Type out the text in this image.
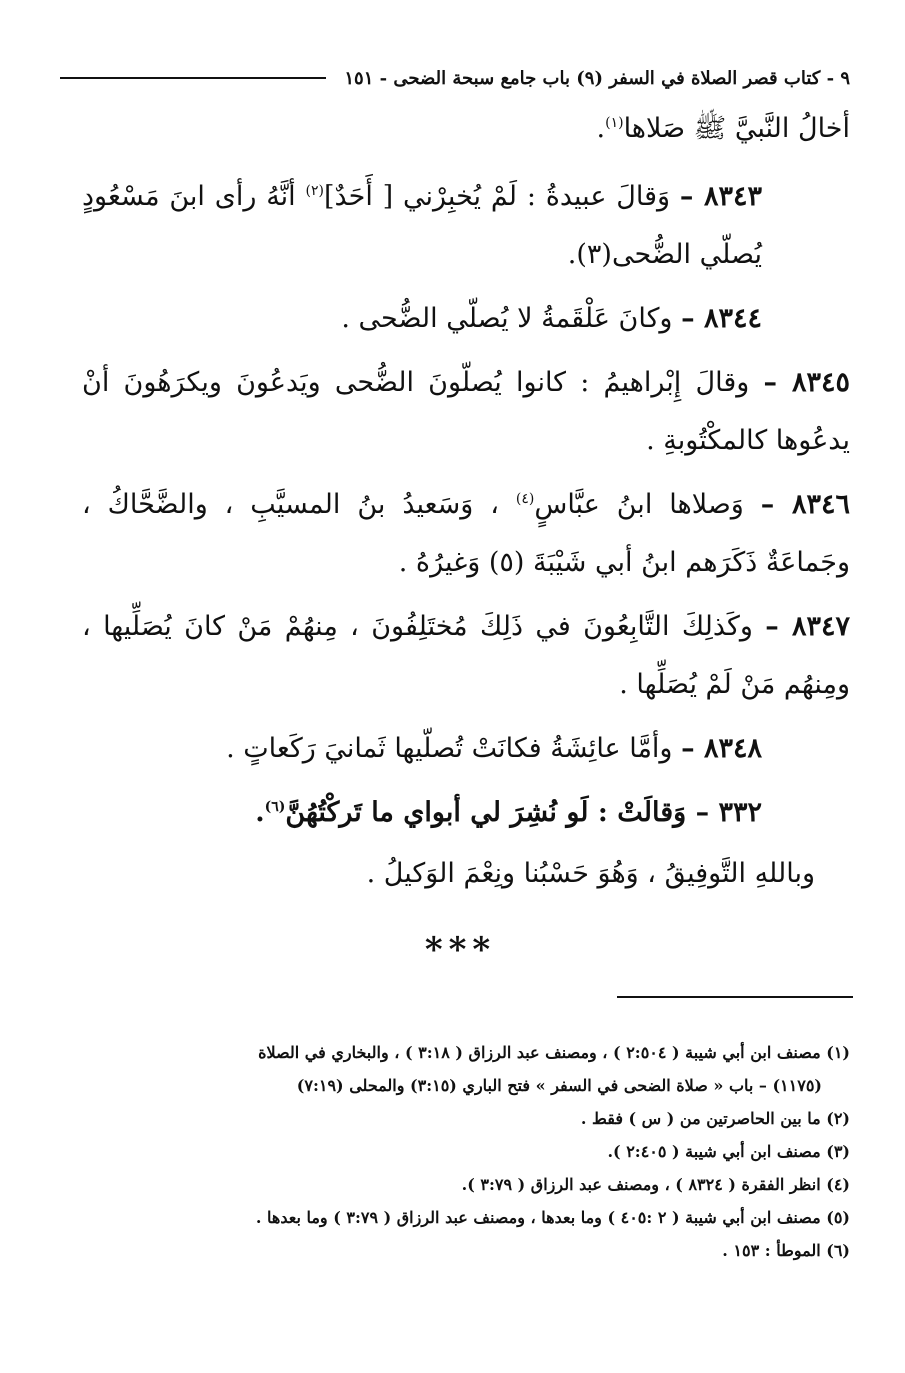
٩ - كتاب قصر الصلاة في السفر (٩) باب جامع سبحة الضحى - ١٥١

أخالُ النَّبيَّ ﷺ صَلاها$^{(١)}$.

٨٣٤٣ – وَقالَ عبيدةُ : لَمْ يُخبِرْني [ أَحَدٌ]$^{(٢)}$ أنَّهُ رأى ابنَ مَسْعُودٍ يُصلّي الضُّحى(٣).

٨٣٤٤ – وكانَ عَلْقَمةُ لا يُصلّي الضُّحى .

٨٣٤٥ – وقالَ إِبْراهيمُ : كانوا يُصلّونَ الضُّحى ويَدعُونَ ويكرَهُونَ أنْ يدعُوها كالمكْتُوبةِ .

٨٣٤٦ – وَصلاها ابنُ عبَّاسٍ$^{(٤)}$ ، وَسَعيدُ بنُ المسيَّبِ ، والضَّحَّاكُ ، وجَماعَةٌ ذَكَرَهم ابنُ أبي شَيْبَةَ (٥) وَغيرُهُ .

٨٣٤٧ – وكَذلِكَ التَّابِعُونَ في ذَلِكَ مُختَلِفُونَ ، مِنهُمْ مَنْ كانَ يُصَلِّيها ، ومِنهُم مَنْ لَمْ يُصَلِّها .

٨٣٤٨ – وأمَّا عائِشَةُ فكانَتْ تُصلّيها ثَمانيَ رَكَعاتٍ .

٣٣٢ – وَقالَتْ : لَو نُشِرَ لي أبواي ما تَركْتُهُنَّ$^{(٦)}$.

وباللهِ التَّوفِيقُ ، وَهُوَ حَسْبُنا ونِعْمَ الوَكيلُ .
***

(١) مصنف ابن أبي شيبة ( ٢:٥٠٤ ) ، ومصنف عبد الرزاق ( ٣:١٨ ) ، والبخاري في الصلاة
(١١٧٥) – باب « صلاة الضحى في السفر » فتح الباري (٣:١٥) والمحلى (٧:١٩)

(٢) ما بين الحاصرتين من ( س ) فقط .

(٣) مصنف ابن أبي شيبة ( ٢:٤٠٥ ).

(٤) انظر الفقرة ( ٨٣٢٤ ) ، ومصنف عبد الرزاق ( ٣:٧٩ ).

(٥) مصنف ابن أبي شيبة ( ٢ :٤٠٥ ) وما بعدها ، ومصنف عبد الرزاق ( ٣:٧٩ ) وما بعدها .

(٦) الموطأ : ١٥٣ .
